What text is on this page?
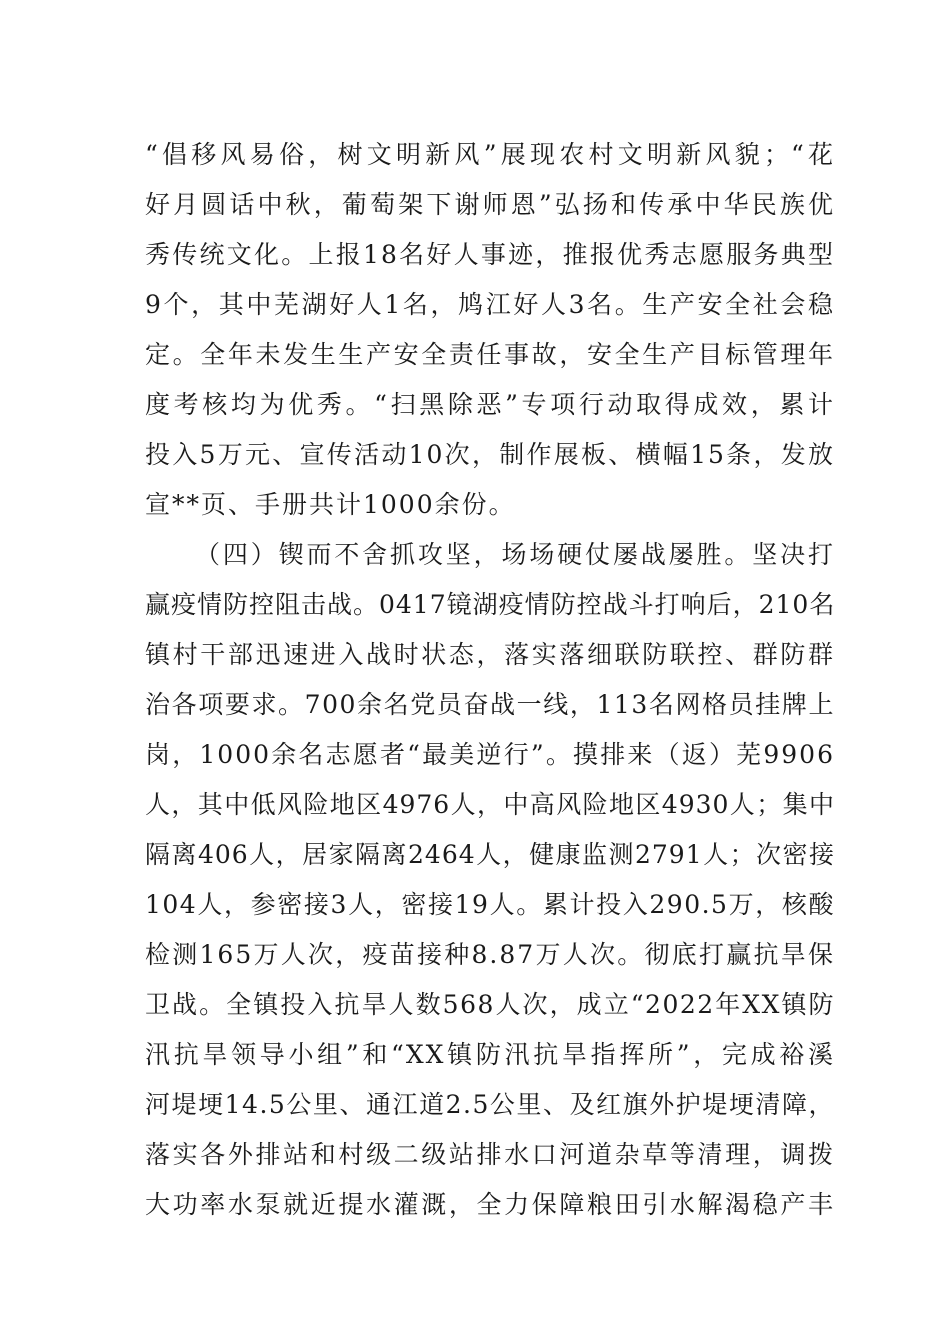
“倡移风易俗，树文明新风”展现农村文明新风貌；“花
好月圆话中秋，葡萄架下谢师恩”弘扬和传承中华民族优
秀传统文化。上报18名好人事迹，推报优秀志愿服务典型
9个，其中芜湖好人1名，鸠江好人3名。生产安全社会稳
定。全年未发生生产安全责任事故，安全生产目标管理年
度考核均为优秀。“扫黑除恶”专项行动取得成效，累计
投入5万元、宣传活动10次，制作展板、横幅15条，发放
宣**页、手册共计1000余份。
（四）锲而不舍抓攻坚，场场硬仗屡战屡胜。坚决打
赢疫情防控阻击战。0417镜湖疫情防控战斗打响后，210名
镇村干部迅速进入战时状态，落实落细联防联控、群防群
治各项要求。700余名党员奋战一线，113名网格员挂牌上
岗，1000余名志愿者“最美逆行”。摸排来（返）芜9906
人，其中低风险地区4976人，中高风险地区4930人；集中
隔离406人，居家隔离2464人，健康监测2791人；次密接
104人，参密接3人，密接19人。累计投入290.5万，核酸
检测165万人次，疫苗接种8.87万人次。彻底打赢抗旱保
卫战。全镇投入抗旱人数568人次，成立“2022年XX镇防
汛抗旱领导小组”和“XX镇防汛抗旱指挥所”，完成裕溪
河堤埂14.5公里、通江道2.5公里、及红旗外护堤埂清障，
落实各外排站和村级二级站排水口河道杂草等清理，调拨
大功率水泵就近提水灌溉，全力保障粮田引水解渴稳产丰
